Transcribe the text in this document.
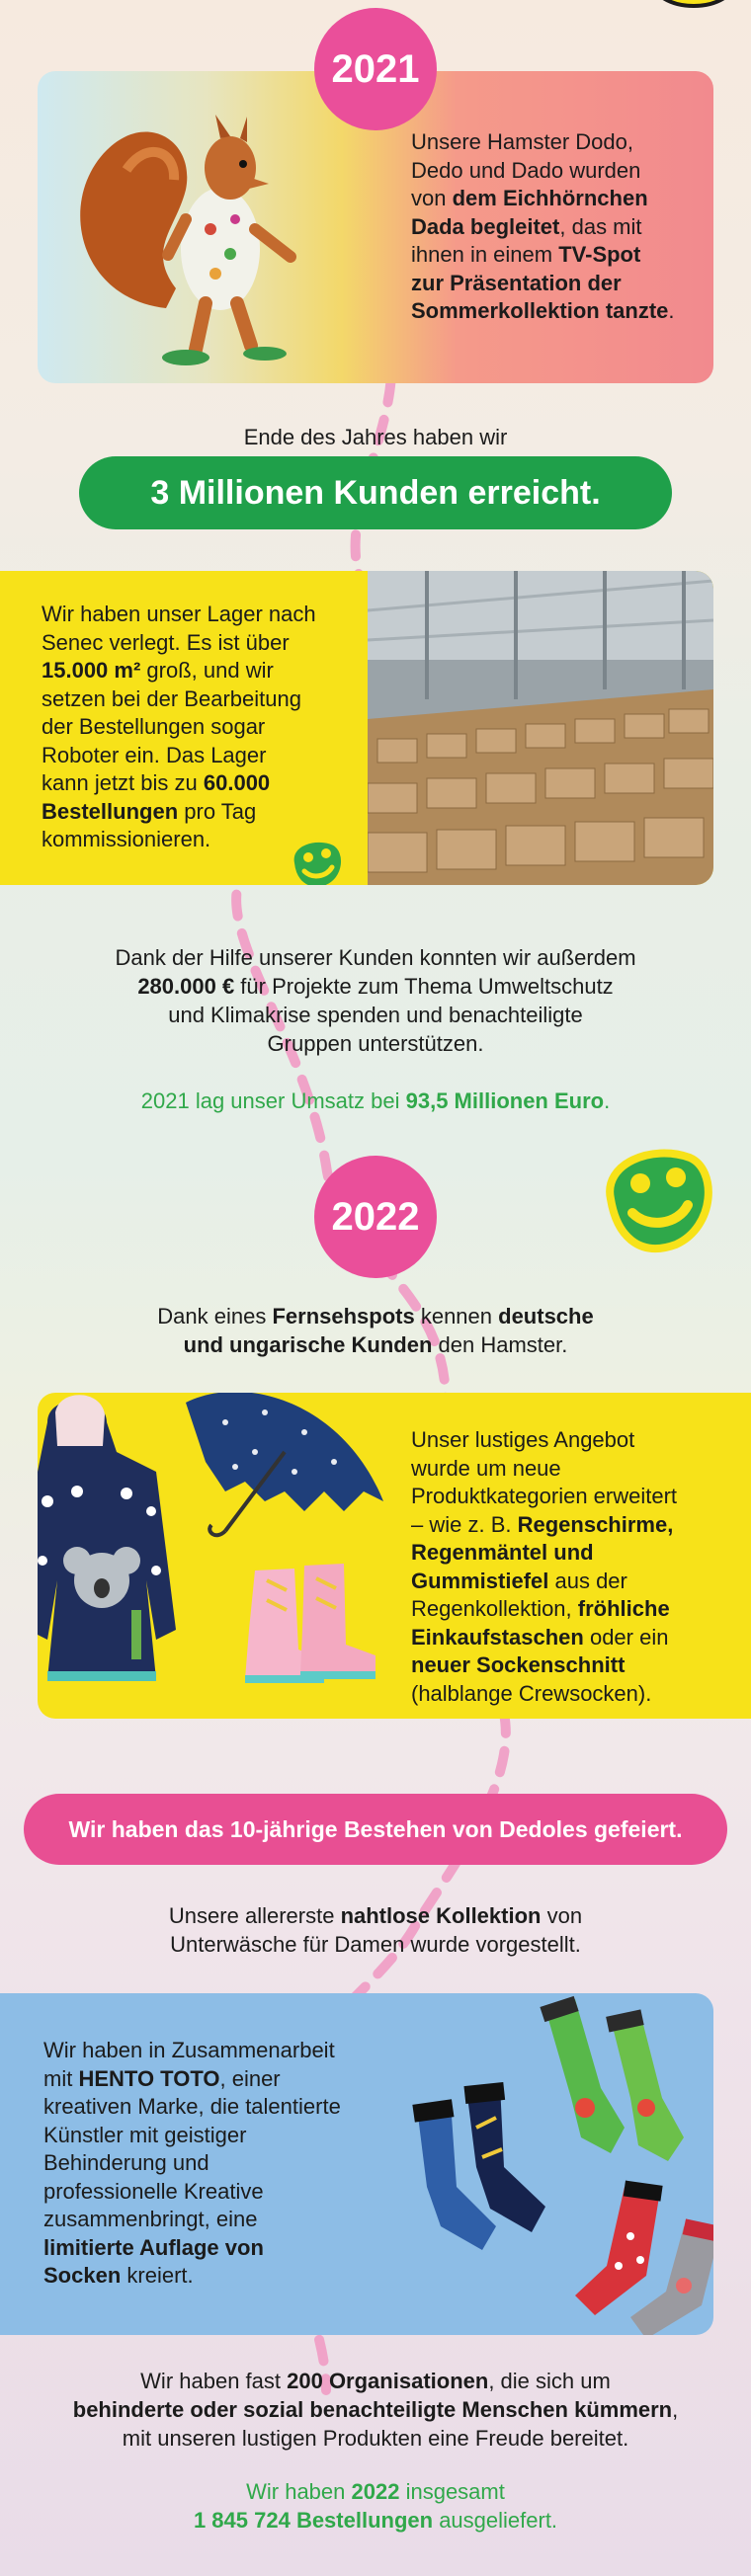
2021
Unsere Hamster Dodo,
Dedo und Dado wurden
von dem Eichhörnchen
Dada begleitet, das mit
ihnen in einem TV-Spot
zur Präsentation der
Sommerkollektion tanzte.
Ende des Jahres haben wir
3 Millionen Kunden erreicht.
Wir haben unser Lager nach
Senec verlegt. Es ist über
15.000 m² groß, und wir
setzen bei der Bearbeitung
der Bestellungen sogar
Roboter ein. Das Lager
kann jetzt bis zu 60.000
Bestellungen pro Tag
kommissionieren.
Dank der Hilfe unserer Kunden konnten wir außerdem
280.000 € für Projekte zum Thema Umweltschutz
und Klimakrise spenden und benachteiligte
Gruppen unterstützen.
2021 lag unser Umsatz bei 93,5 Millionen Euro.
2022
Dank eines Fernsehspots kennen deutsche
und ungarische Kunden den Hamster.
Unser lustiges Angebot
wurde um neue
Produktkategorien erweitert
– wie z. B. Regenschirme,
Regenmäntel und
Gummistiefel aus der
Regenkollektion, fröhliche
Einkaufstaschen oder ein
neuer Sockenschnitt
(halblange Crewsocken).
Wir haben das 10-jährige Bestehen von Dedoles gefeiert.
Unsere allererste nahtlose Kollektion von
Unterwäsche für Damen wurde vorgestellt.
Wir haben in Zusammenarbeit
mit HENTO TOTO, einer
kreativen Marke, die talentierte
Künstler mit geistiger
Behinderung und
professionelle Kreative
zusammenbringt, eine
limitierte Auflage von
Socken kreiert.
Wir haben fast 200 Organisationen, die sich um
behinderte oder sozial benachteiligte Menschen kümmern,
mit unseren lustigen Produkten eine Freude bereitet.
Wir haben 2022 insgesamt
1 845 724 Bestellungen ausgeliefert.
